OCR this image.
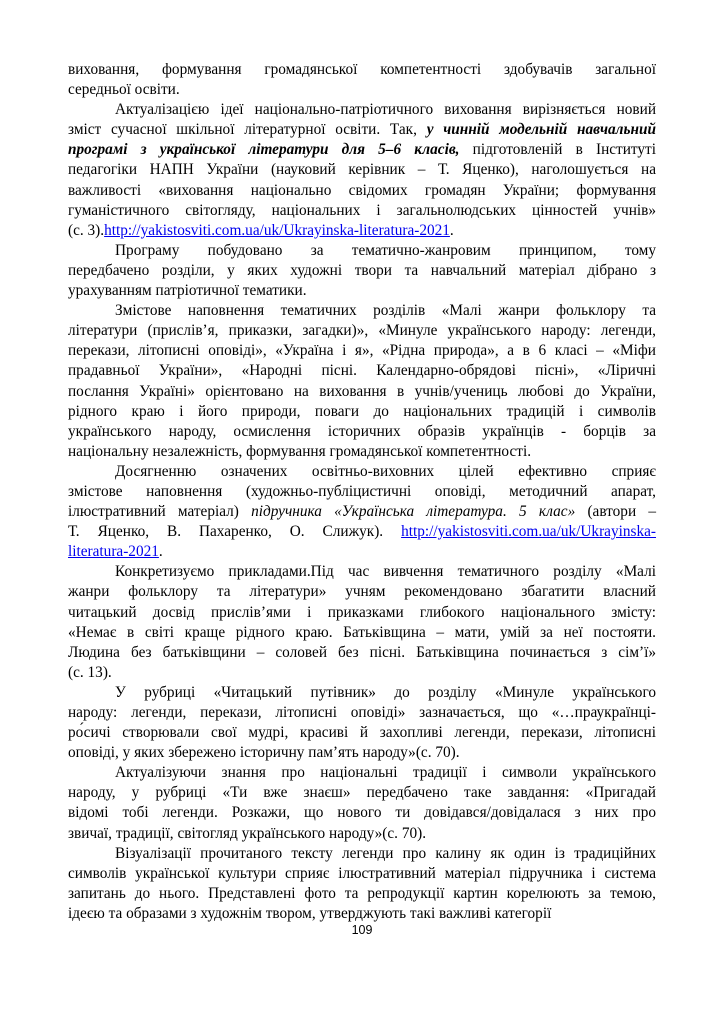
виховання, формування громадянської компетентності здобувачів загальної
середньої освіти.
Актуалізацією ідеї національно-патріотичного виховання вирізняється новий
зміст сучасної шкільної літературної освіти. Так, у чинній модельній навчальний
програмі з української літератури для 5–6 класів, підготовленій в Інституті
педагогіки НАПН України (науковий керівник – Т. Яценко), наголошується на
важливості «виховання національно свідомих громадян України; формування
гуманістичного світогляду, національних і загальнолюдських цінностей учнів»
(с. 3).http://yakistosviti.com.ua/uk/Ukrayinska-literatura-2021.
Програму побудовано за тематично-жанровим принципом, тому
передбачено розділи, у яких художні твори та навчальний матеріал дібрано з
урахуванням патріотичної тематики.
Змістове наповнення тематичних розділів «Малі жанри фольклору та
літератури (прислів’я, приказки, загадки)», «Минуле українського народу: легенди,
перекази, літописні оповіді», «Україна і я», «Рідна природа», а в 6 класі – «Міфи
прадавньої України», «Народні пісні. Календарно-обрядові пісні», «Ліричні
послання Україні» орієнтовано на виховання в учнів/учениць любові до України,
рідного краю і його природи, поваги до національних традицій і символів
українського народу, осмислення історичних образів українців - борців за
національну незалежність, формування громадянської компетентності.
Досягненню означених освітньо-виховних цілей ефективно сприяє
змістове наповнення (художньо-публіцистичні оповіді, методичний апарат,
ілюстративний матеріал) підручника «Українська література. 5 клас» (автори –
Т. Яценко, В. Пахаренко, О. Слижук). http://yakistosviti.com.ua/uk/Ukrayinska-
literatura-2021.
Конкретизуємо прикладами.Під час вивчення тематичного розділу «Малі
жанри фольклору та літератури» учням рекомендовано збагатити власний
читацький досвід прислів’ями і приказками глибокого національного змісту:
«Немає в світі краще рідного краю. Батьківщина – мати, умій за неї постояти.
Людина без батьківщини – соловей без пісні. Батьківщина починається з сім’ї»
(с. 13).
У рубриці «Читацький путівник» до розділу «Минуле українського
народу: легенди, перекази, літописні оповіді» зазначається, що «…праукраїнці-
ро́сичі створювали свої мудрі, красиві й захопливі легенди, перекази, літописні
оповіді, у яких збережено історичну пам’ять народу»(с. 70).
Актуалізуючи знання про національні традиції і символи українського
народу, у рубриці «Ти вже знаєш» передбачено таке завдання: «Пригадай
відомі тобі легенди. Розкажи, що нового ти довідався/довідалася з них про
звичаї, традиції, світогляд українського народу»(с. 70).
Візуалізації прочитаного тексту легенди про калину як один із традиційних
символів української культури сприяє ілюстративний матеріал підручника і система
запитань до нього. Представлені фото та репродукції картин корелюють за темою,
ідеєю та образами з художнім твором, утверджують такі важливі категорії
109
